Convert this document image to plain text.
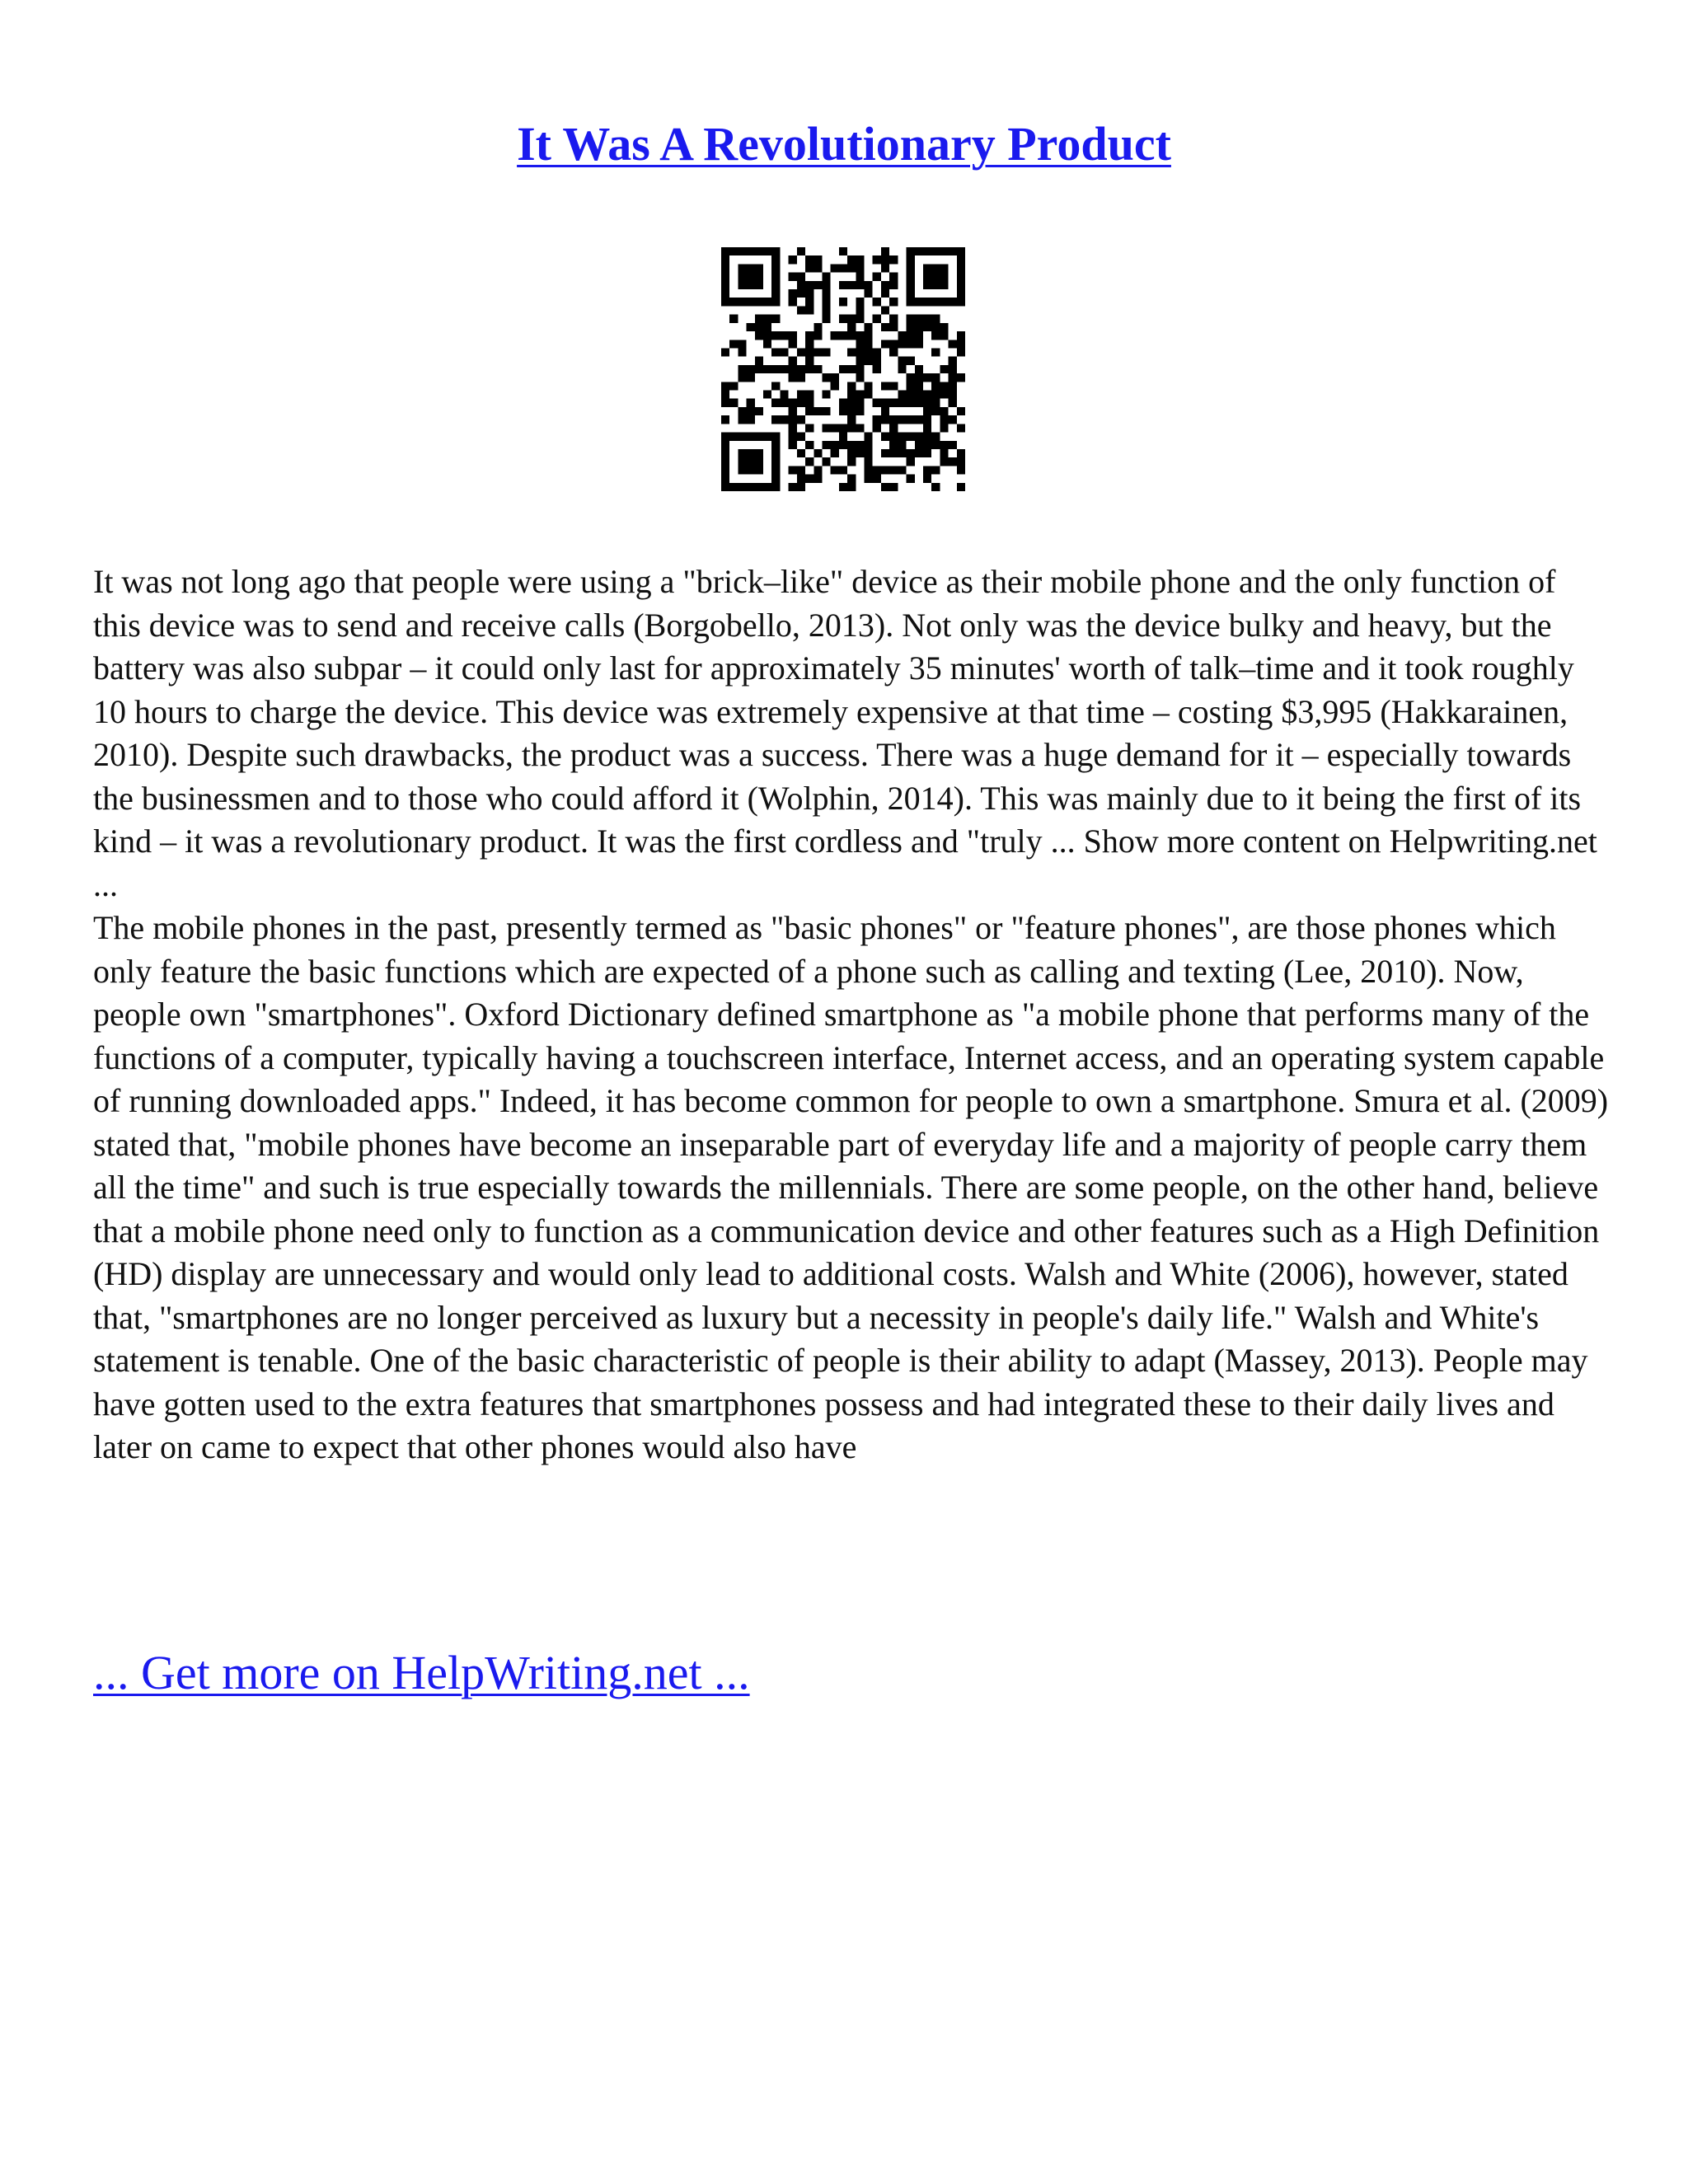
It Was A Revolutionary Product

It was not long ago that people were using a "brick–like" device as their mobile phone and the only function of this device was to send and receive calls (Borgobello, 2013). Not only was the device bulky and heavy, but the battery was also subpar – it could only last for approximately 35 minutes' worth of talk–time and it took roughly 10 hours to charge the device. This device was extremely expensive at that time – costing $3,995 (Hakkarainen, 2010). Despite such drawbacks, the product was a success. There was a huge demand for it – especially towards the businessmen and to those who could afford it (Wolphin, 2014). This was mainly due to it being the first of its kind – it was a revolutionary product. It was the first cordless and "truly ... Show more content on Helpwriting.net ...

The mobile phones in the past, presently termed as "basic phones" or "feature phones", are those phones which only feature the basic functions which are expected of a phone such as calling and texting (Lee, 2010). Now, people own "smartphones". Oxford Dictionary defined smartphone as "a mobile phone that performs many of the functions of a computer, typically having a touchscreen interface, Internet access, and an operating system capable of running downloaded apps." Indeed, it has become common for people to own a smartphone. Smura et al. (2009) stated that, "mobile phones have become an inseparable part of everyday life and a majority of people carry them all the time" and such is true especially towards the millennials. There are some people, on the other hand, believe that a mobile phone need only to function as a communication device and other features such as a High Definition (HD) display are unnecessary and would only lead to additional costs. Walsh and White (2006), however, stated that, "smartphones are no longer perceived as luxury but a necessity in people's daily life." Walsh and White's statement is tenable. One of the basic characteristic of people is their ability to adapt (Massey, 2013). People may have gotten used to the extra features that smartphones possess and had integrated these to their daily lives and later on came to expect that other phones would also have

... Get more on HelpWriting.net ...
